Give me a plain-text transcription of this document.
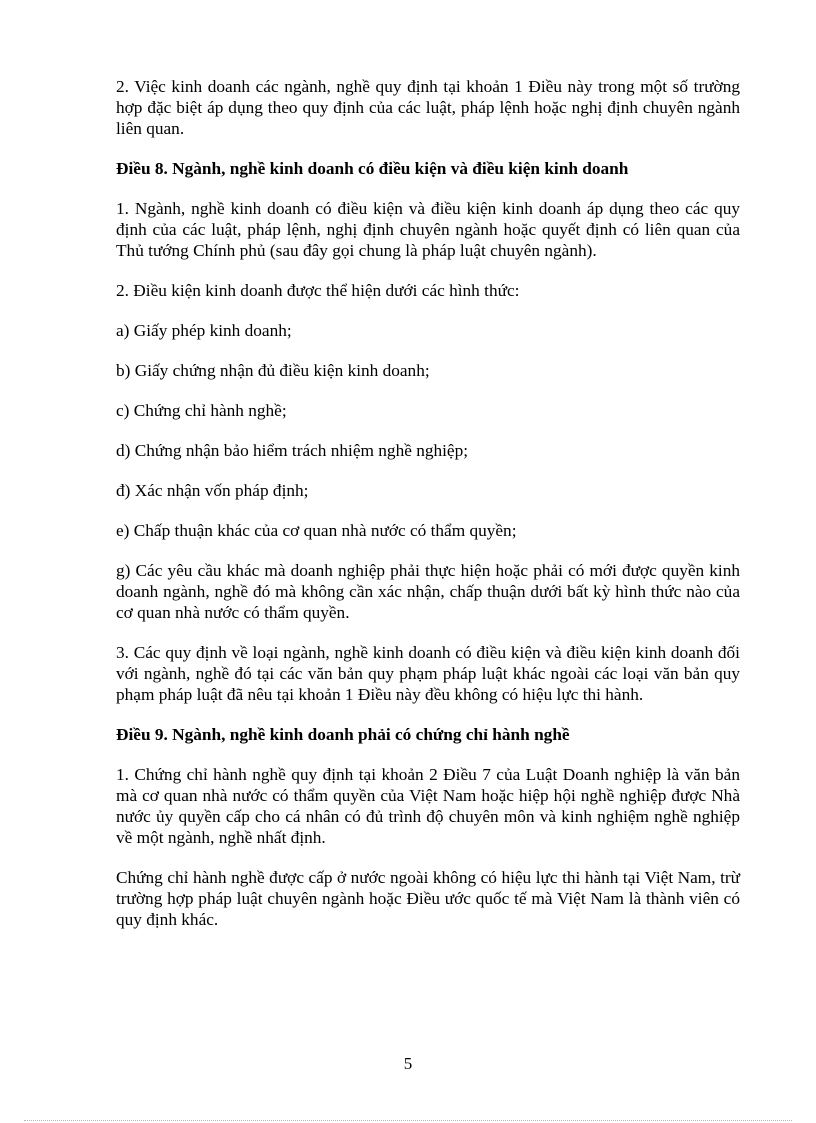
2. Việc kinh doanh các ngành, nghề quy định tại khoản 1 Điều này trong một số trường hợp đặc biệt áp dụng theo quy định của các luật, pháp lệnh hoặc nghị định chuyên ngành liên quan.

Điều 8. Ngành, nghề kinh doanh có điều kiện và điều kiện kinh doanh

1. Ngành, nghề kinh doanh có điều kiện và điều kiện kinh doanh áp dụng theo các quy định của các luật, pháp lệnh, nghị định chuyên ngành hoặc quyết định có liên quan của Thủ tướng Chính phủ (sau đây gọi chung là pháp luật chuyên ngành).

2. Điều kiện kinh doanh được thể hiện dưới các hình thức:

a) Giấy phép kinh doanh;

b) Giấy chứng nhận đủ điều kiện kinh doanh;

c) Chứng chỉ hành nghề;

d) Chứng nhận bảo hiểm trách nhiệm nghề nghiệp;

đ) Xác nhận vốn pháp định;

e) Chấp thuận khác của cơ quan nhà nước có thẩm quyền;

g) Các yêu cầu khác mà doanh nghiệp phải thực hiện hoặc phải có mới được quyền kinh doanh ngành, nghề đó mà không cần xác nhận, chấp thuận dưới bất kỳ hình thức nào của cơ quan nhà nước có thẩm quyền.

3. Các quy định về loại ngành, nghề kinh doanh có điều kiện và điều kiện kinh doanh đối với ngành, nghề đó tại các văn bản quy phạm pháp luật khác ngoài các loại văn bản quy phạm pháp luật đã nêu tại khoản 1 Điều này đều không có hiệu lực thi hành.

Điều 9. Ngành, nghề kinh doanh phải có chứng chỉ hành nghề

1. Chứng chỉ hành nghề quy định tại khoản 2 Điều 7 của Luật Doanh nghiệp là văn bản mà cơ quan nhà nước có thẩm quyền của Việt Nam hoặc hiệp hội nghề nghiệp được Nhà nước ủy quyền cấp cho cá nhân có đủ trình độ chuyên môn và kinh nghiệm nghề nghiệp về một ngành, nghề nhất định.

Chứng chỉ hành nghề được cấp ở nước ngoài không có hiệu lực thi hành tại Việt Nam, trừ trường hợp pháp luật chuyên ngành hoặc Điều ước quốc tế mà Việt Nam là thành viên có quy định khác.

5
